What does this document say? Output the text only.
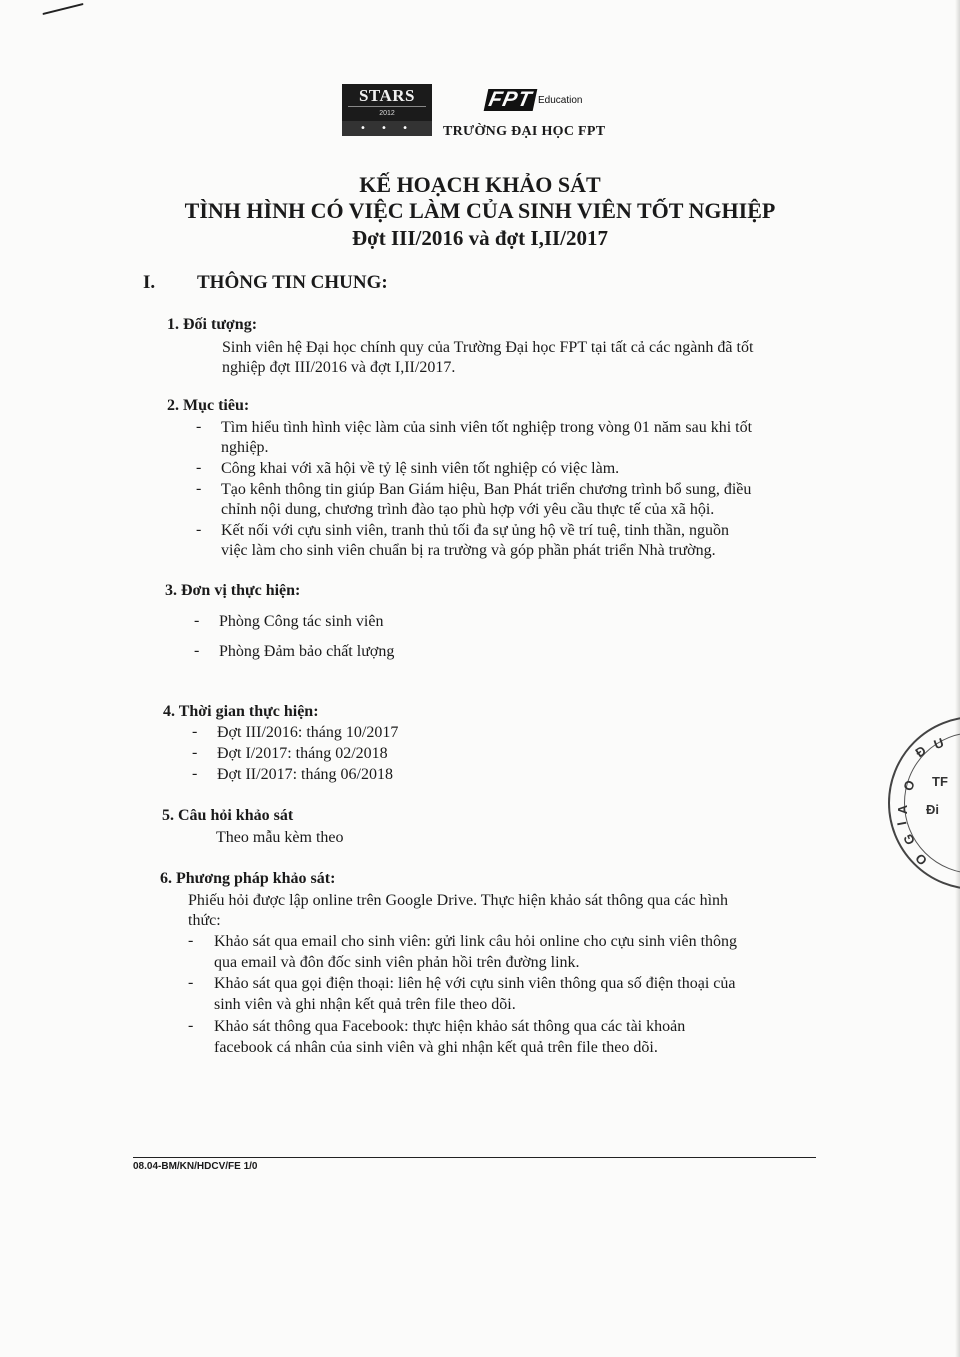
STARS
2012
• • •
FPT Education
TRƯỜNG ĐẠI HỌC FPT
KẾ HOẠCH KHẢO SÁT
TÌNH HÌNH CÓ VIỆC LÀM CỦA SINH VIÊN TỐT NGHIỆP
Đợt III/2016 và đợt I,II/2017
I. THÔNG TIN CHUNG:
1. Đối tượng:
Sinh viên hệ Đại học chính quy của Trường Đại học FPT tại tất cả các ngành đã tốt
nghiệp đợt III/2016 và đợt I,II/2017.
2. Mục tiêu:
- Tìm hiểu tình hình việc làm của sinh viên tốt nghiệp trong vòng 01 năm sau khi tốt
nghiệp.
- Công khai với xã hội về tỷ lệ sinh viên tốt nghiệp có việc làm.
- Tạo kênh thông tin giúp Ban Giám hiệu, Ban Phát triển chương trình bổ sung, điều
chỉnh nội dung, chương trình đào tạo phù hợp với yêu cầu thực tế của xã hội.
- Kết nối với cựu sinh viên, tranh thủ tối đa sự ủng hộ về trí tuệ, tinh thần, nguồn
việc làm cho sinh viên chuẩn bị ra trường và góp phần phát triển Nhà trường.
3. Đơn vị thực hiện:
- Phòng Công tác sinh viên
- Phòng Đảm bảo chất lượng
4. Thời gian thực hiện:
- Đợt III/2016: tháng 10/2017
- Đợt I/2017: tháng 02/2018
- Đợt II/2017: tháng 06/2018
5. Câu hỏi khảo sát
Theo mẫu kèm theo
6. Phương pháp khảo sát:
Phiếu hỏi được lập online trên Google Drive. Thực hiện khảo sát thông qua các hình
thức:
- Khảo sát qua email cho sinh viên: gửi link câu hỏi online cho cựu sinh viên thông
qua email và đôn đốc sinh viên phản hồi trên đường link.
- Khảo sát qua gọi điện thoại: liên hệ với cựu sinh viên thông qua số điện thoại của
sinh viên và ghi nhận kết quả trên file theo dõi.
- Khảo sát thông qua Facebook: thực hiện khảo sát thông qua các tài khoản
facebook cá nhân của sinh viên và ghi nhận kết quả trên file theo dõi.
Đ U
O TF
Đi
A
I
G
O
08.04-BM/KN/HDCV/FE 1/0
